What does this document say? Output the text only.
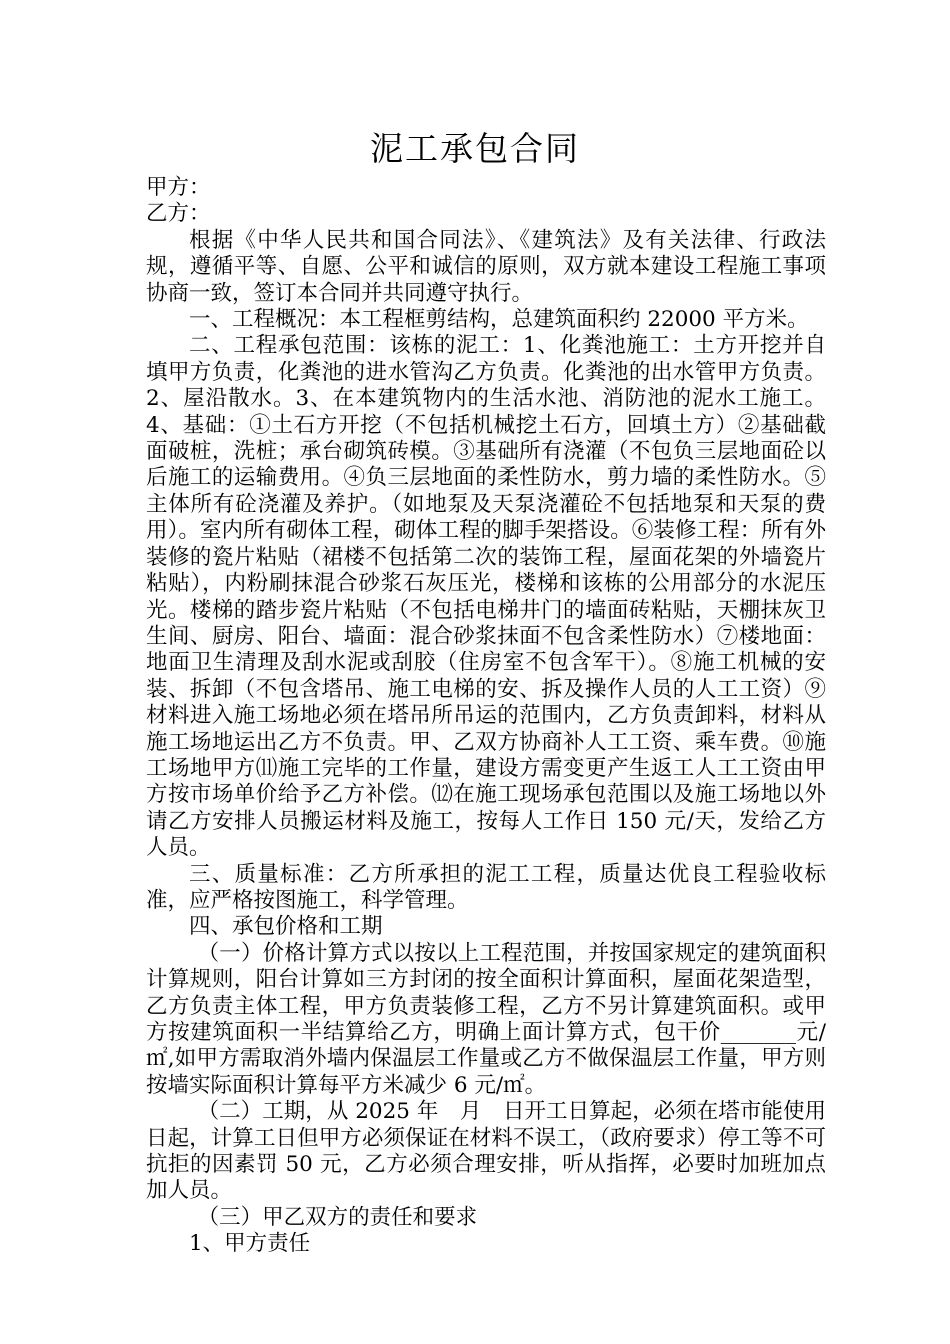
泥工承包合同

甲方：

乙方：

根据《中华人民共和国合同法》、《建筑法》及有关法律、行政法规，遵循平等、自愿、公平和诚信的原则，双方就本建设工程施工事项协商一致，签订本合同并共同遵守执行。

一、工程概况：本工程框剪结构，总建筑面积约 22000 平方米。

二、工程承包范围：该栋的泥工：1、化粪池施工：土方开挖并自填甲方负责，化粪池的进水管沟乙方负责。化粪池的出水管甲方负责。2、屋沿散水。3、在本建筑物内的生活水池、消防池的泥水工施工。4、基础：①土石方开挖（不包括机械挖土石方，回填土方）②基础截面破桩，洗桩；承台砌筑砖模。③基础所有浇灌（不包负三层地面砼以后施工的运输费用。④负三层地面的柔性防水，剪力墙的柔性防水。⑤主体所有砼浇灌及养护。（如地泵及天泵浇灌砼不包括地泵和天泵的费用）。室内所有砌体工程，砌体工程的脚手架搭设。⑥装修工程：所有外装修的瓷片粘贴（裙楼不包括第二次的装饰工程，屋面花架的外墙瓷片粘贴），内粉刷抹混合砂浆石灰压光，楼梯和该栋的公用部分的水泥压光。楼梯的踏步瓷片粘贴（不包括电梯井门的墙面砖粘贴，天棚抹灰卫生间、厨房、阳台、墙面：混合砂浆抹面不包含柔性防水）⑦楼地面：地面卫生清理及刮水泥或刮胶（住房室不包含军干）。⑧施工机械的安装、拆卸（不包含塔吊、施工电梯的安、拆及操作人员的人工工资）⑨材料进入施工场地必须在塔吊所吊运的范围内，乙方负责卸料，材料从施工场地运出乙方不负责。甲、乙双方协商补人工工资、乘车费。⑩施工场地甲方⑾施工完毕的工作量，建设方需变更产生返工人工工资由甲方按市场单价给予乙方补偿。⑿在施工现场承包范围以及施工场地以外请乙方安排人员搬运材料及施工，按每人工作日 150 元/天，发给乙方人员。

三、质量标准：乙方所承担的泥工工程，质量达优良工程验收标准，应严格按图施工，科学管理。

四、承包价格和工期

（一）价格计算方式以按以上工程范围，并按国家规定的建筑面积计算规则，阳台计算如三方封闭的按全面积计算面积，屋面花架造型，乙方负责主体工程，甲方负责装修工程，乙方不另计算建筑面积。或甲方按建筑面积一半结算给乙方，明确上面计算方式，包干价_______元/㎡,如甲方需取消外墙内保温层工作量或乙方不做保温层工作量，甲方则按墙实际面积计算每平方米减少 6 元/㎡。

（二）工期，从 2025 年　月　日开工日算起，必须在塔市能使用日起，计算工日但甲方必须保证在材料不误工，（政府要求）停工等不可抗拒的因素罚 50 元，乙方必须合理安排，听从指挥，必要时加班加点加人员。

（三）甲乙双方的责任和要求

1、甲方责任
